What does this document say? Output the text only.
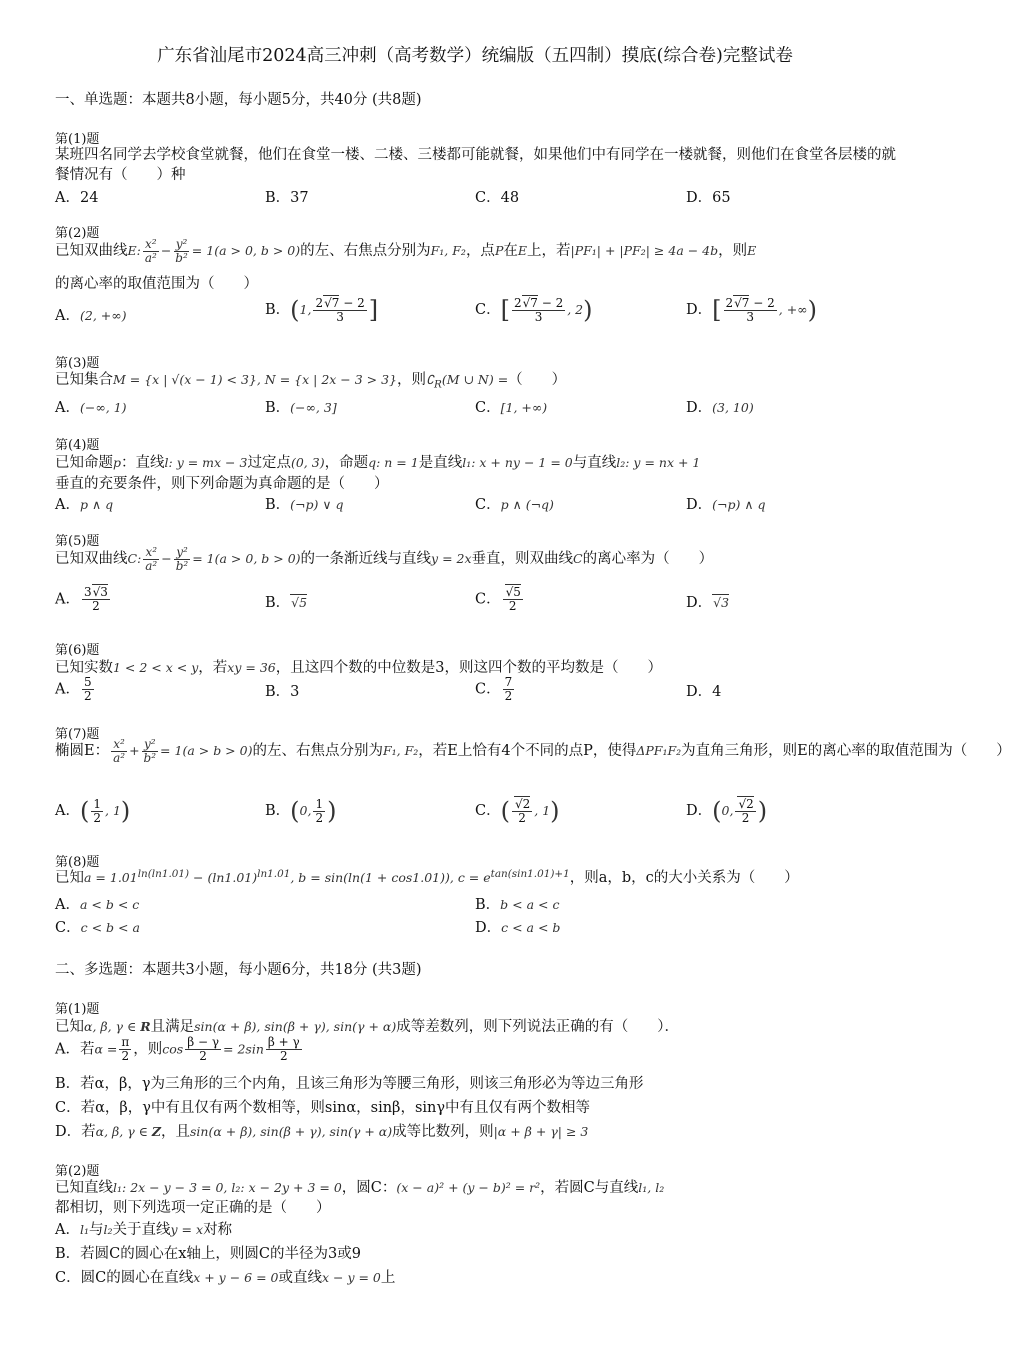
广东省汕尾市2024高三冲刺（高考数学）统编版（五四制）摸底(综合卷)完整试卷
一、单选题：本题共8小题，每小题5分，共40分 (共8题)
第(1)题
某班四名同学去学校食堂就餐，他们在食堂一楼、二楼、三楼都可能就餐，如果他们中有同学在一楼就餐，则他们在食堂各层楼的就餐情况有（　　）种
A．24	B．37	C．48	D．65
第(2)题
已知双曲线E: $\frac{\text{x²}}{\text{a²}} - \frac{\text{y²}}{\text{b²}} = 1(a > 0$, b > 0)的左、右焦点分别为F₁, F₂，点P在E上，若|PF₁| + |PF₂| ≥ 4a − 4b，则E
的离心率的取值范围为（　　）
A．(2, +∞)	B．(1, $\frac{2√7 - 2}{3}$ ]	C．[ $\frac{2√7 - 2}{3}$ , 2)	D．[ $\frac{2√7 - 2}{3}$ , +∞)
第(3)题
已知集合M = {x | √(x − 1) < 3}, N = {x | 2x − 3 > 3}，则$∁_R(M$ ∪ N) =（　　）
A．(−∞, 1)	B．(−∞, 3]	C．[1, +∞)	D．(3, 10)
第(4)题
已知命题p：直线l: y = mx − 3过定点(0, 3)，命题q: n = 1是直线l₁: x + ny − 1 = 0与直线l₂: y = nx + 1
垂直的充要条件，则下列命题为真命题的是（　　）
A．p ∧ q	B．(¬p) ∨ q	C．p ∧ (¬q)	D．(¬p) ∧ q
第(5)题
已知双曲线C: $\frac{\text{x²}}{\text{a²}} - \frac{\text{y²}}{\text{b²}} = 1(a > 0$, b > 0)的一条渐近线与直线y = 2x垂直，则双曲线C的离心率为（　　）
A． $\frac{3√3}{2}$	B．√5	C． $\frac{√5}{2}$	D．√3
第(6)题
已知实数1 < 2 < x < y，若xy = 36，且这四个数的中位数是3，则这四个数的平均数是（　　）
A． $\frac{5}{2}$	B．3	C． $\frac{7}{2}$	D．4
第(7)题
椭圆E： $\frac{\text{x²}}{\text{a²}} + \frac{\text{y²}}{\text{b²}} = 1(a > b > 0)$的左、右焦点分别为F₁, F₂，若E上恰有4个不同的点P，使得ΔPF₁F₂为直角三角形，则E的离心率的取值范围为（　　）
A．( $\frac{1}{2}$ , 1)	B．(0, $\frac{1}{2}$ )	C．( $\frac{√2}{2}$ , 1)	D．(0, $\frac{√2}{2}$ )
第(8)题
已知$a = 1.01^{ln(ln1.01)} - (\ln 1.01)^{ln1.01}$, b = sin(ln(1 + cos1.01)), $c = e^{tan(sin1.01)+1}$，则a，b，c的大小关系为（　　）
A．a < b < c	B．b < a < c
C．c < b < a	D．c < a < b
二、多选题：本题共3小题，每小题6分，共18分 (共3题)
第(1)题
已知α, β, γ ∈ R且满足sin(α + β), sin(β + γ), sin(γ + α)成等差数列，则下列说法正确的有（　　）．
A．若$\alpha = \frac{\pi}{2}$ ，则$\cos \frac{\beta - \gamma}{2} = 2\sin \frac{\beta + \gamma}{2}$
B．若α，β，γ为三角形的三个内角，且该三角形为等腰三角形，则该三角形必为等边三角形
C．若α，β，γ中有且仅有两个数相等，则sinα，sinβ，sinγ中有且仅有两个数相等
D．若α, β, γ ∈ Z，且sin(α + β), sin(β + γ), sin(γ + α)成等比数列，则|α + β + γ| ≥ 3
第(2)题
已知直线l₁: 2x − y − 3 = 0, l₂: x − 2y + 3 = 0，圆C：(x − a)² + (y − b)² = r²，若圆C与直线l₁, l₂
都相切，则下列选项一定正确的是（　　）
A．l₁与l₂关于直线y = x对称
B．若圆C的圆心在x轴上，则圆C的半径为3或9
C．圆C的圆心在直线x + y − 6 = 0或直线x − y = 0上
